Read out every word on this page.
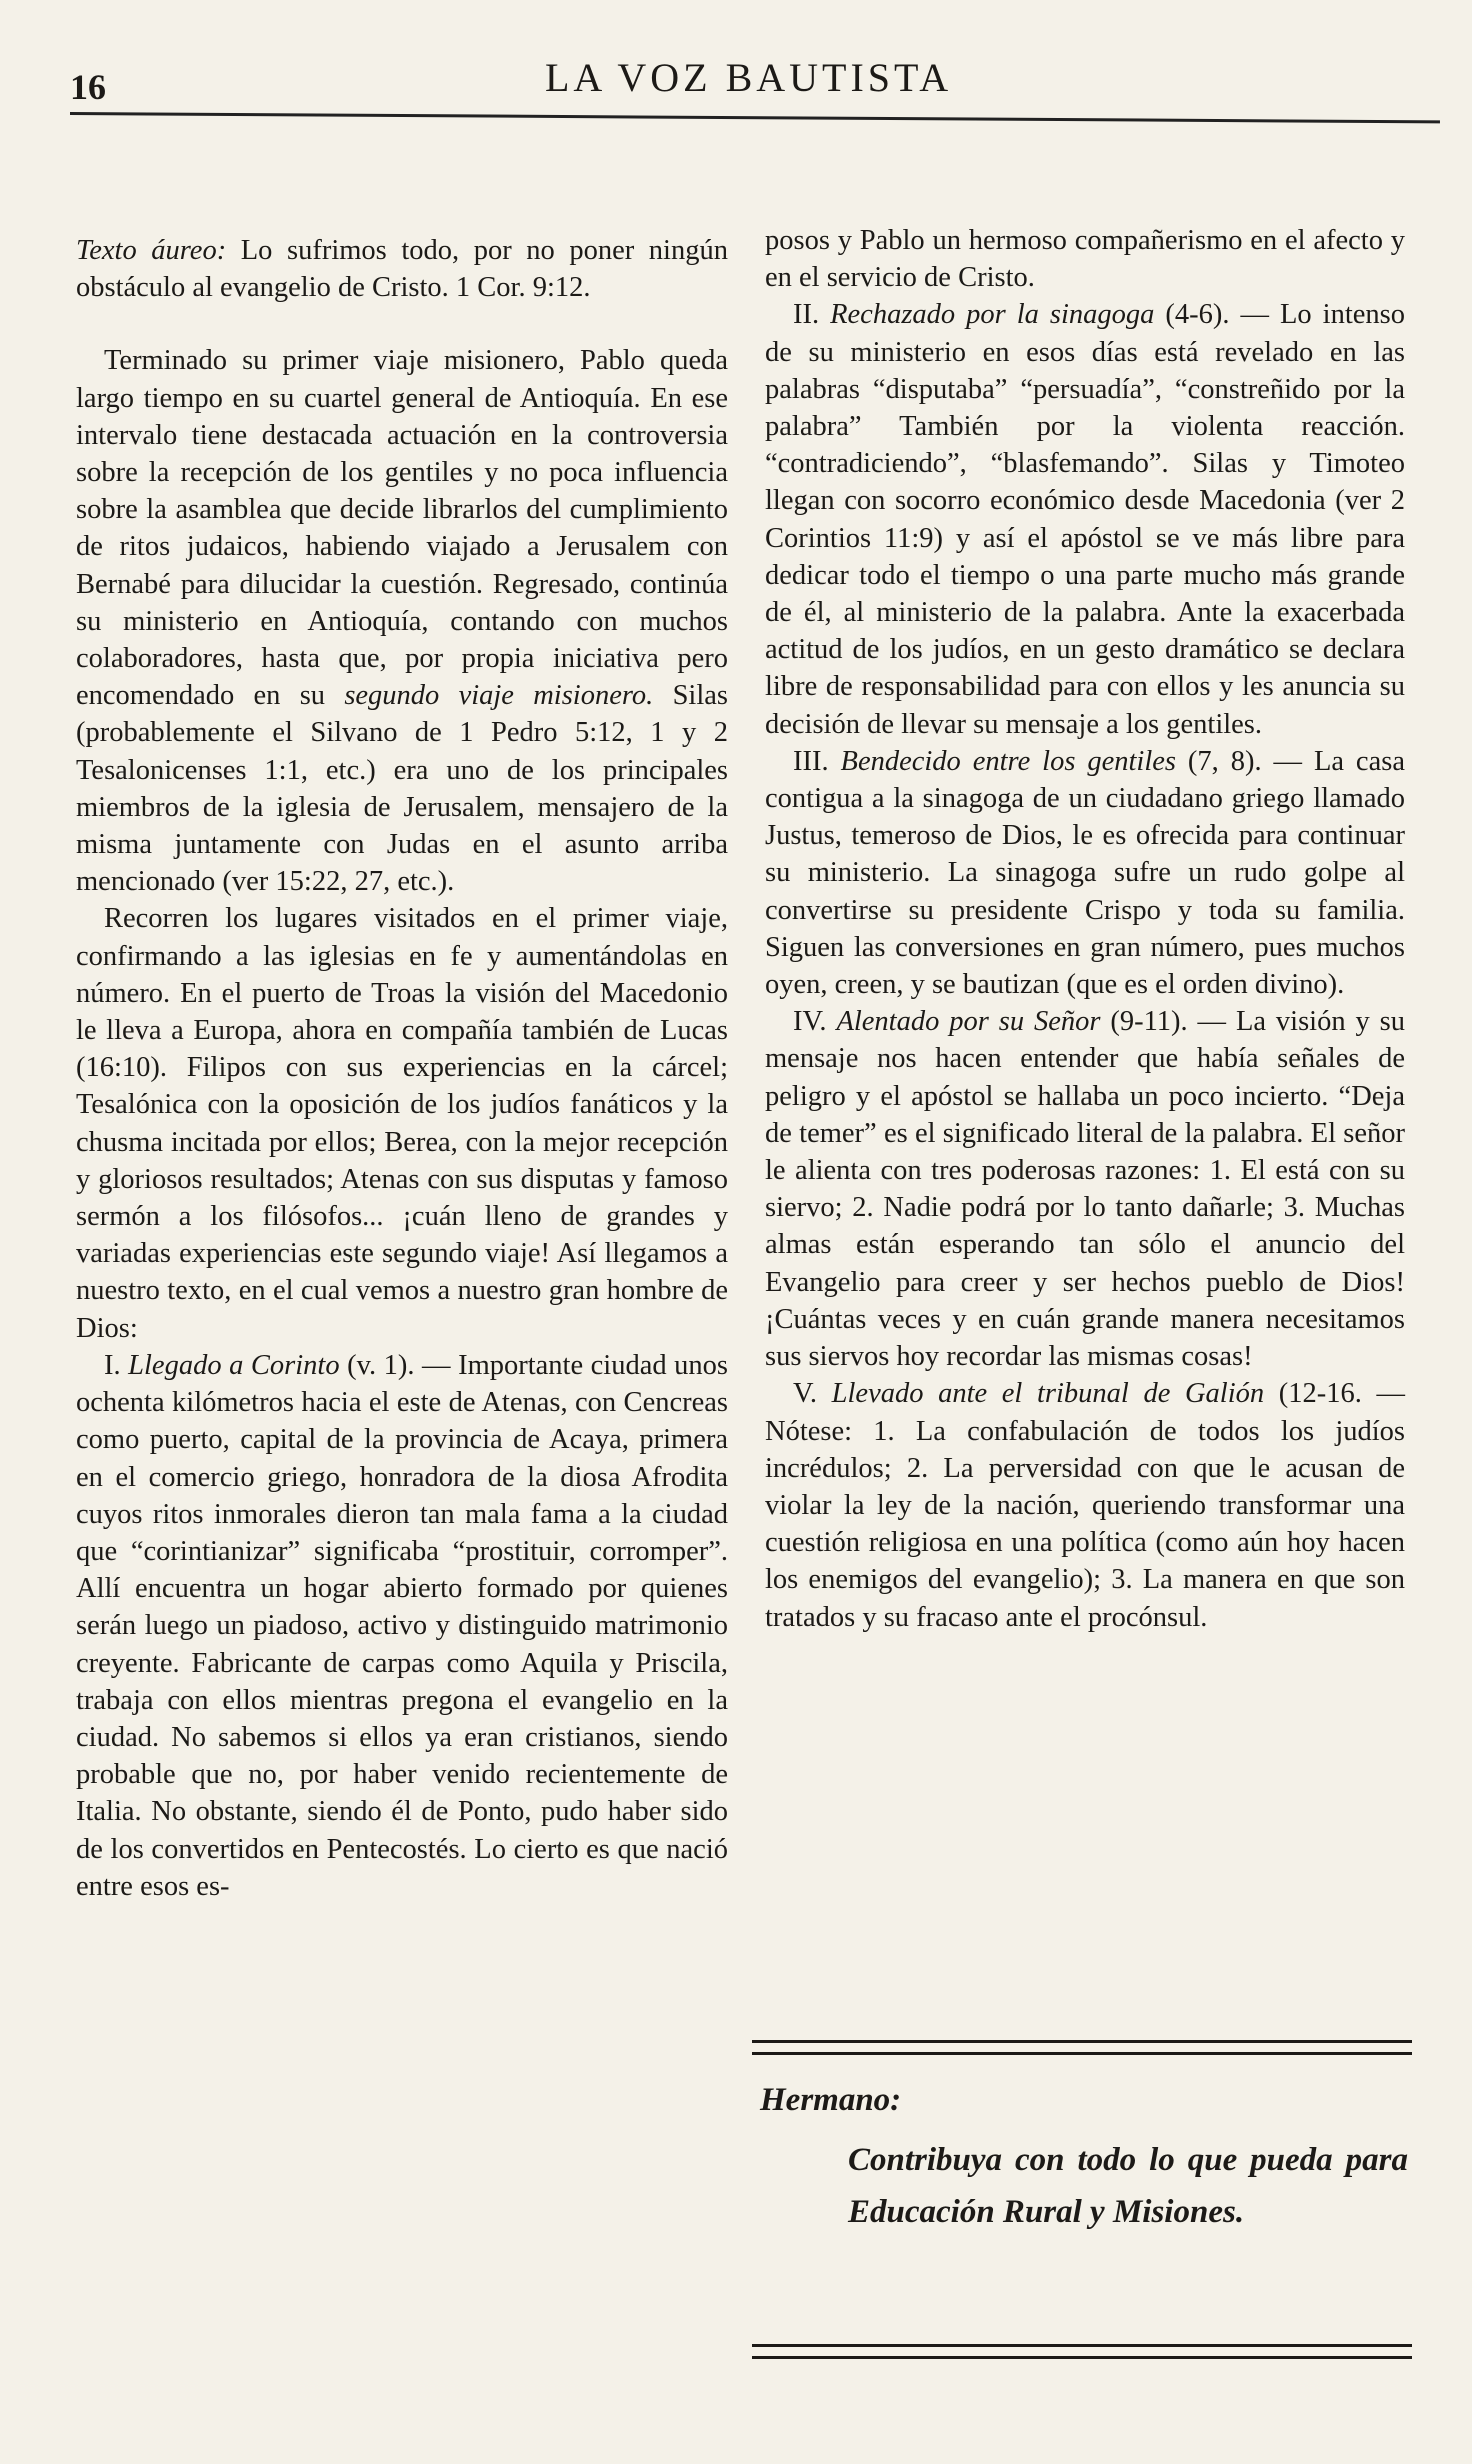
16	LA VOZ BAUTISTA

Texto áureo: Lo sufrimos todo, por no poner ningún obstáculo al evangelio de Cristo. 1 Cor. 9:12.

Terminado su primer viaje misionero, Pablo queda largo tiempo en su cuartel general de Antioquía. En ese intervalo tiene destacada actuación en la controversia sobre la recepción de los gentiles y no poca influencia sobre la asamblea que decide librarlos del cumplimiento de ritos judaicos, habiendo viajado a Jerusalem con Bernabé para dilucidar la cuestión. Regresado, continúa su ministerio en Antioquía, contando con muchos colaboradores, hasta que, por propia iniciativa pero encomendado en su segundo viaje misionero. Silas (probablemente el Silvano de 1 Pedro 5:12, 1 y 2 Tesalonicenses 1:1, etc.) era uno de los principales miembros de la iglesia de Jerusalem, mensajero de la misma juntamente con Judas en el asunto arriba mencionado (ver 15:22, 27, etc.).

Recorren los lugares visitados en el primer viaje, confirmando a las iglesias en fe y aumentándolas en número. En el puerto de Troas la visión del Macedonio le lleva a Europa, ahora en compañía también de Lucas (16:10). Filipos con sus experiencias en la cárcel; Tesalónica con la oposición de los judíos fanáticos y la chusma incitada por ellos; Berea, con la mejor recepción y gloriosos resultados; Atenas con sus disputas y famoso sermón a los filósofos... ¡cuán lleno de grandes y variadas experiencias este segundo viaje! Así llegamos a nuestro texto, en el cual vemos a nuestro gran hombre de Dios:

I. Llegado a Corinto (v. 1). — Importante ciudad unos ochenta kilómetros hacia el este de Atenas, con Cencreas como puerto, capital de la provincia de Acaya, primera en el comercio griego, honradora de la diosa Afrodita cuyos ritos inmorales dieron tan mala fama a la ciudad que “corintianizar” significaba “prostituir, corromper”. Allí encuentra un hogar abierto formado por quienes serán luego un piadoso, activo y distinguido matrimonio creyente. Fabricante de carpas como Aquila y Priscila, trabaja con ellos mientras pregona el evangelio en la ciudad. No sabemos si ellos ya eran cristianos, siendo probable que no, por haber venido recientemente de Italia. No obstante, siendo él de Ponto, pudo haber sido de los convertidos en Pentecostés. Lo cierto es que nació entre esos es-

posos y Pablo un hermoso compañerismo en el afecto y en el servicio de Cristo.

II. Rechazado por la sinagoga (4-6). — Lo intenso de su ministerio en esos días está revelado en las palabras “disputaba” “persuadía”, “constreñido por la palabra” También por la violenta reacción. “contradiciendo”, “blasfemando”. Silas y Timoteo llegan con socorro económico desde Macedonia (ver 2 Corintios 11:9) y así el apóstol se ve más libre para dedicar todo el tiempo o una parte mucho más grande de él, al ministerio de la palabra. Ante la exacerbada actitud de los judíos, en un gesto dramático se declara libre de responsabilidad para con ellos y les anuncia su decisión de llevar su mensaje a los gentiles.

III. Bendecido entre los gentiles (7, 8). — La casa contigua a la sinagoga de un ciudadano griego llamado Justus, temeroso de Dios, le es ofrecida para continuar su ministerio. La sinagoga sufre un rudo golpe al convertirse su presidente Crispo y toda su familia. Siguen las conversiones en gran número, pues muchos oyen, creen, y se bautizan (que es el orden divino).

IV. Alentado por su Señor (9-11). — La visión y su mensaje nos hacen entender que había señales de peligro y el apóstol se hallaba un poco incierto. “Deja de temer” es el significado literal de la palabra. El señor le alienta con tres poderosas razones: 1. El está con su siervo; 2. Nadie podrá por lo tanto dañarle; 3. Muchas almas están esperando tan sólo el anuncio del Evangelio para creer y ser hechos pueblo de Dios! ¡Cuántas veces y en cuán grande manera necesitamos sus siervos hoy recordar las mismas cosas!

V. Llevado ante el tribunal de Galión (12-16. — Nótese: 1. La confabulación de todos los judíos incrédulos; 2. La perversidad con que le acusan de violar la ley de la nación, queriendo transformar una cuestión religiosa en una política (como aún hoy hacen los enemigos del evangelio); 3. La manera en que son tratados y su fracaso ante el procónsul.

Hermano:
Contribuya con todo lo que pueda para Educación Rural y Misiones.
